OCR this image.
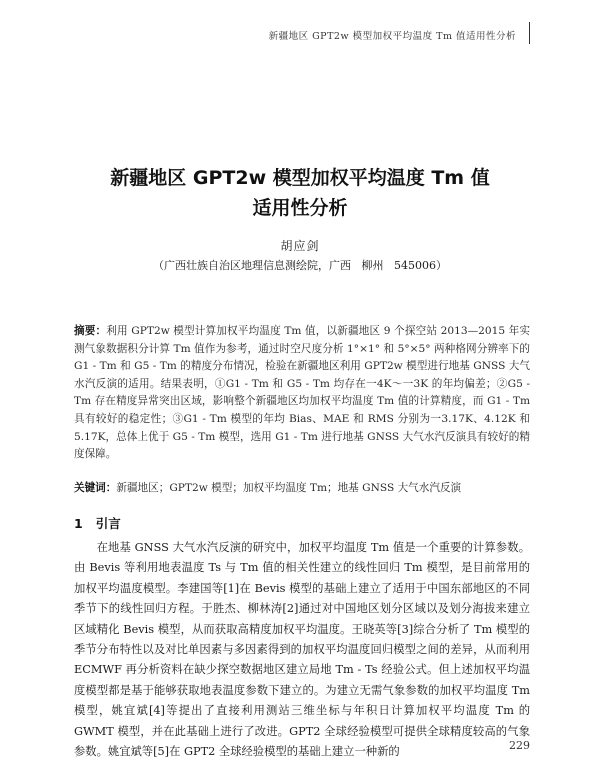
新疆地区 GPT2w 模型加权平均温度 Tm 值适用性分析
新疆地区 GPT2w 模型加权平均温度 Tm 值
适用性分析
胡应剑
（广西壮族自治区地理信息测绘院，广西   柳州   545006）
摘要：利用 GPT2w 模型计算加权平均温度 Tm 值，以新疆地区 9 个探空站 2013—2015 年实测气象数据积分计算 Tm 值作为参考，通过时空尺度分析 1°×1° 和 5°×5° 两种格网分辨率下的 G1 - Tm 和 G5 - Tm 的精度分布情况，检验在新疆地区利用 GPT2w 模型进行地基 GNSS 大气水汽反演的适用。结果表明，①G1 - Tm 和 G5 - Tm 均存在一4K～一3K 的年均偏差；②G5 - Tm 存在精度异常突出区域，影响整个新疆地区均加权平均温度 Tm 值的计算精度，而 G1 - Tm 具有较好的稳定性；③G1 - Tm 模型的年均 Bias、MAE 和 RMS 分别为一3.17K、4.12K 和 5.17K，总体上优于 G5 - Tm 模型，选用 G1 - Tm 进行地基 GNSS 大气水汽反演具有较好的精度保障。
关键词：新疆地区；GPT2w 模型；加权平均温度 Tm；地基 GNSS 大气水汽反演
1 引言
在地基 GNSS 大气水汽反演的研究中，加权平均温度 Tm 值是一个重要的计算参数。由 Bevis 等利用地表温度 Ts 与 Tm 值的相关性建立的线性回归 Tm 模型，是目前常用的加权平均温度模型。李建国等[1]在 Bevis 模型的基础上建立了适用于中国东部地区的不同季节下的线性回归方程。于胜杰、柳林涛[2]通过对中国地区划分区域以及划分海拔来建立区域精化 Bevis 模型，从而获取高精度加权平均温度。王晓英等[3]综合分析了 Tm 模型的季节分布特性以及对比单因素与多因素得到的加权平均温度回归模型之间的差异，从而利用 ECMWF 再分析资料在缺少探空数据地区建立局地 Tm - Ts 经验公式。但上述加权平均温度模型都是基于能够获取地表温度参数下建立的。为建立无需气象参数的加权平均温度 Tm 模型，姚宜斌[4]等提出了直接利用测站三维坐标与年积日计算加权平均温度 Tm 的 GWMT 模型，并在此基础上进行了改进。GPT2 全球经验模型可提供全球精度较高的气象参数。姚宜斌等[5]在 GPT2 全球经验模型的基础上建立一种新的	229
